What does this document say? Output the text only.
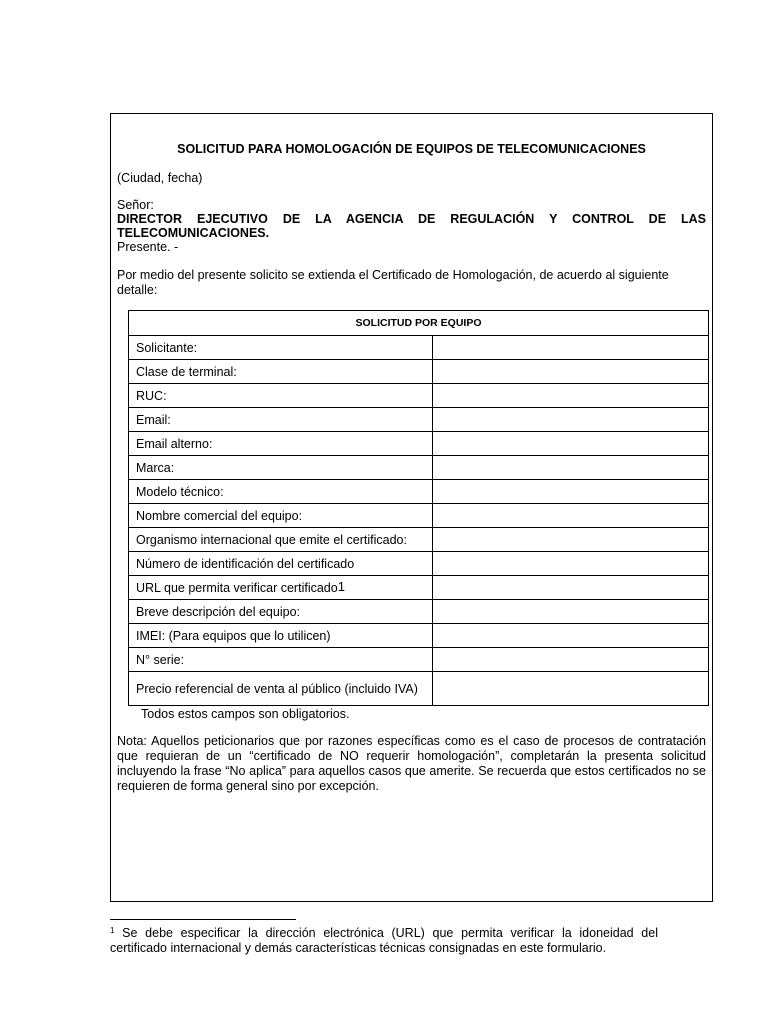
SOLICITUD PARA HOMOLOGACIÓN DE EQUIPOS DE TELECOMUNICACIONES
(Ciudad, fecha)
Señor:
DIRECTOR EJECUTIVO DE LA AGENCIA DE REGULACIÓN Y CONTROL DE LAS TELECOMUNICACIONES.
Presente. -
Por medio del presente solicito se extienda el Certificado de Homologación, de acuerdo al siguiente detalle:
SOLICITUD POR EQUIPO	
Solicitante:	
Clase de terminal:	
RUC:	
Email:	
Email alterno:	
Marca:	
Modelo técnico:	
Nombre comercial del equipo:	
Organismo internacional que emite el certificado:	
Número de identificación del certificado	
URL que permita verificar certificado$^1$	
Breve descripción del equipo:	
IMEI: (Para equipos que lo utilicen)	
N° serie:	
Precio referencial de venta al público (incluido IVA)	
Todos estos campos son obligatorios.
Nota: Aquellos peticionarios que por razones específicas como es el caso de procesos de contratación que requieran de un “certificado de NO requerir homologación”, completarán la presenta solicitud incluyendo la frase “No aplica” para aquellos casos que amerite. Se recuerda que estos certificados no se requieren de forma general sino por excepción.
$^1$ Se debe especificar la dirección electrónica (URL) que permita verificar la idoneidad del certificado internacional y demás características técnicas consignadas en este formulario.
